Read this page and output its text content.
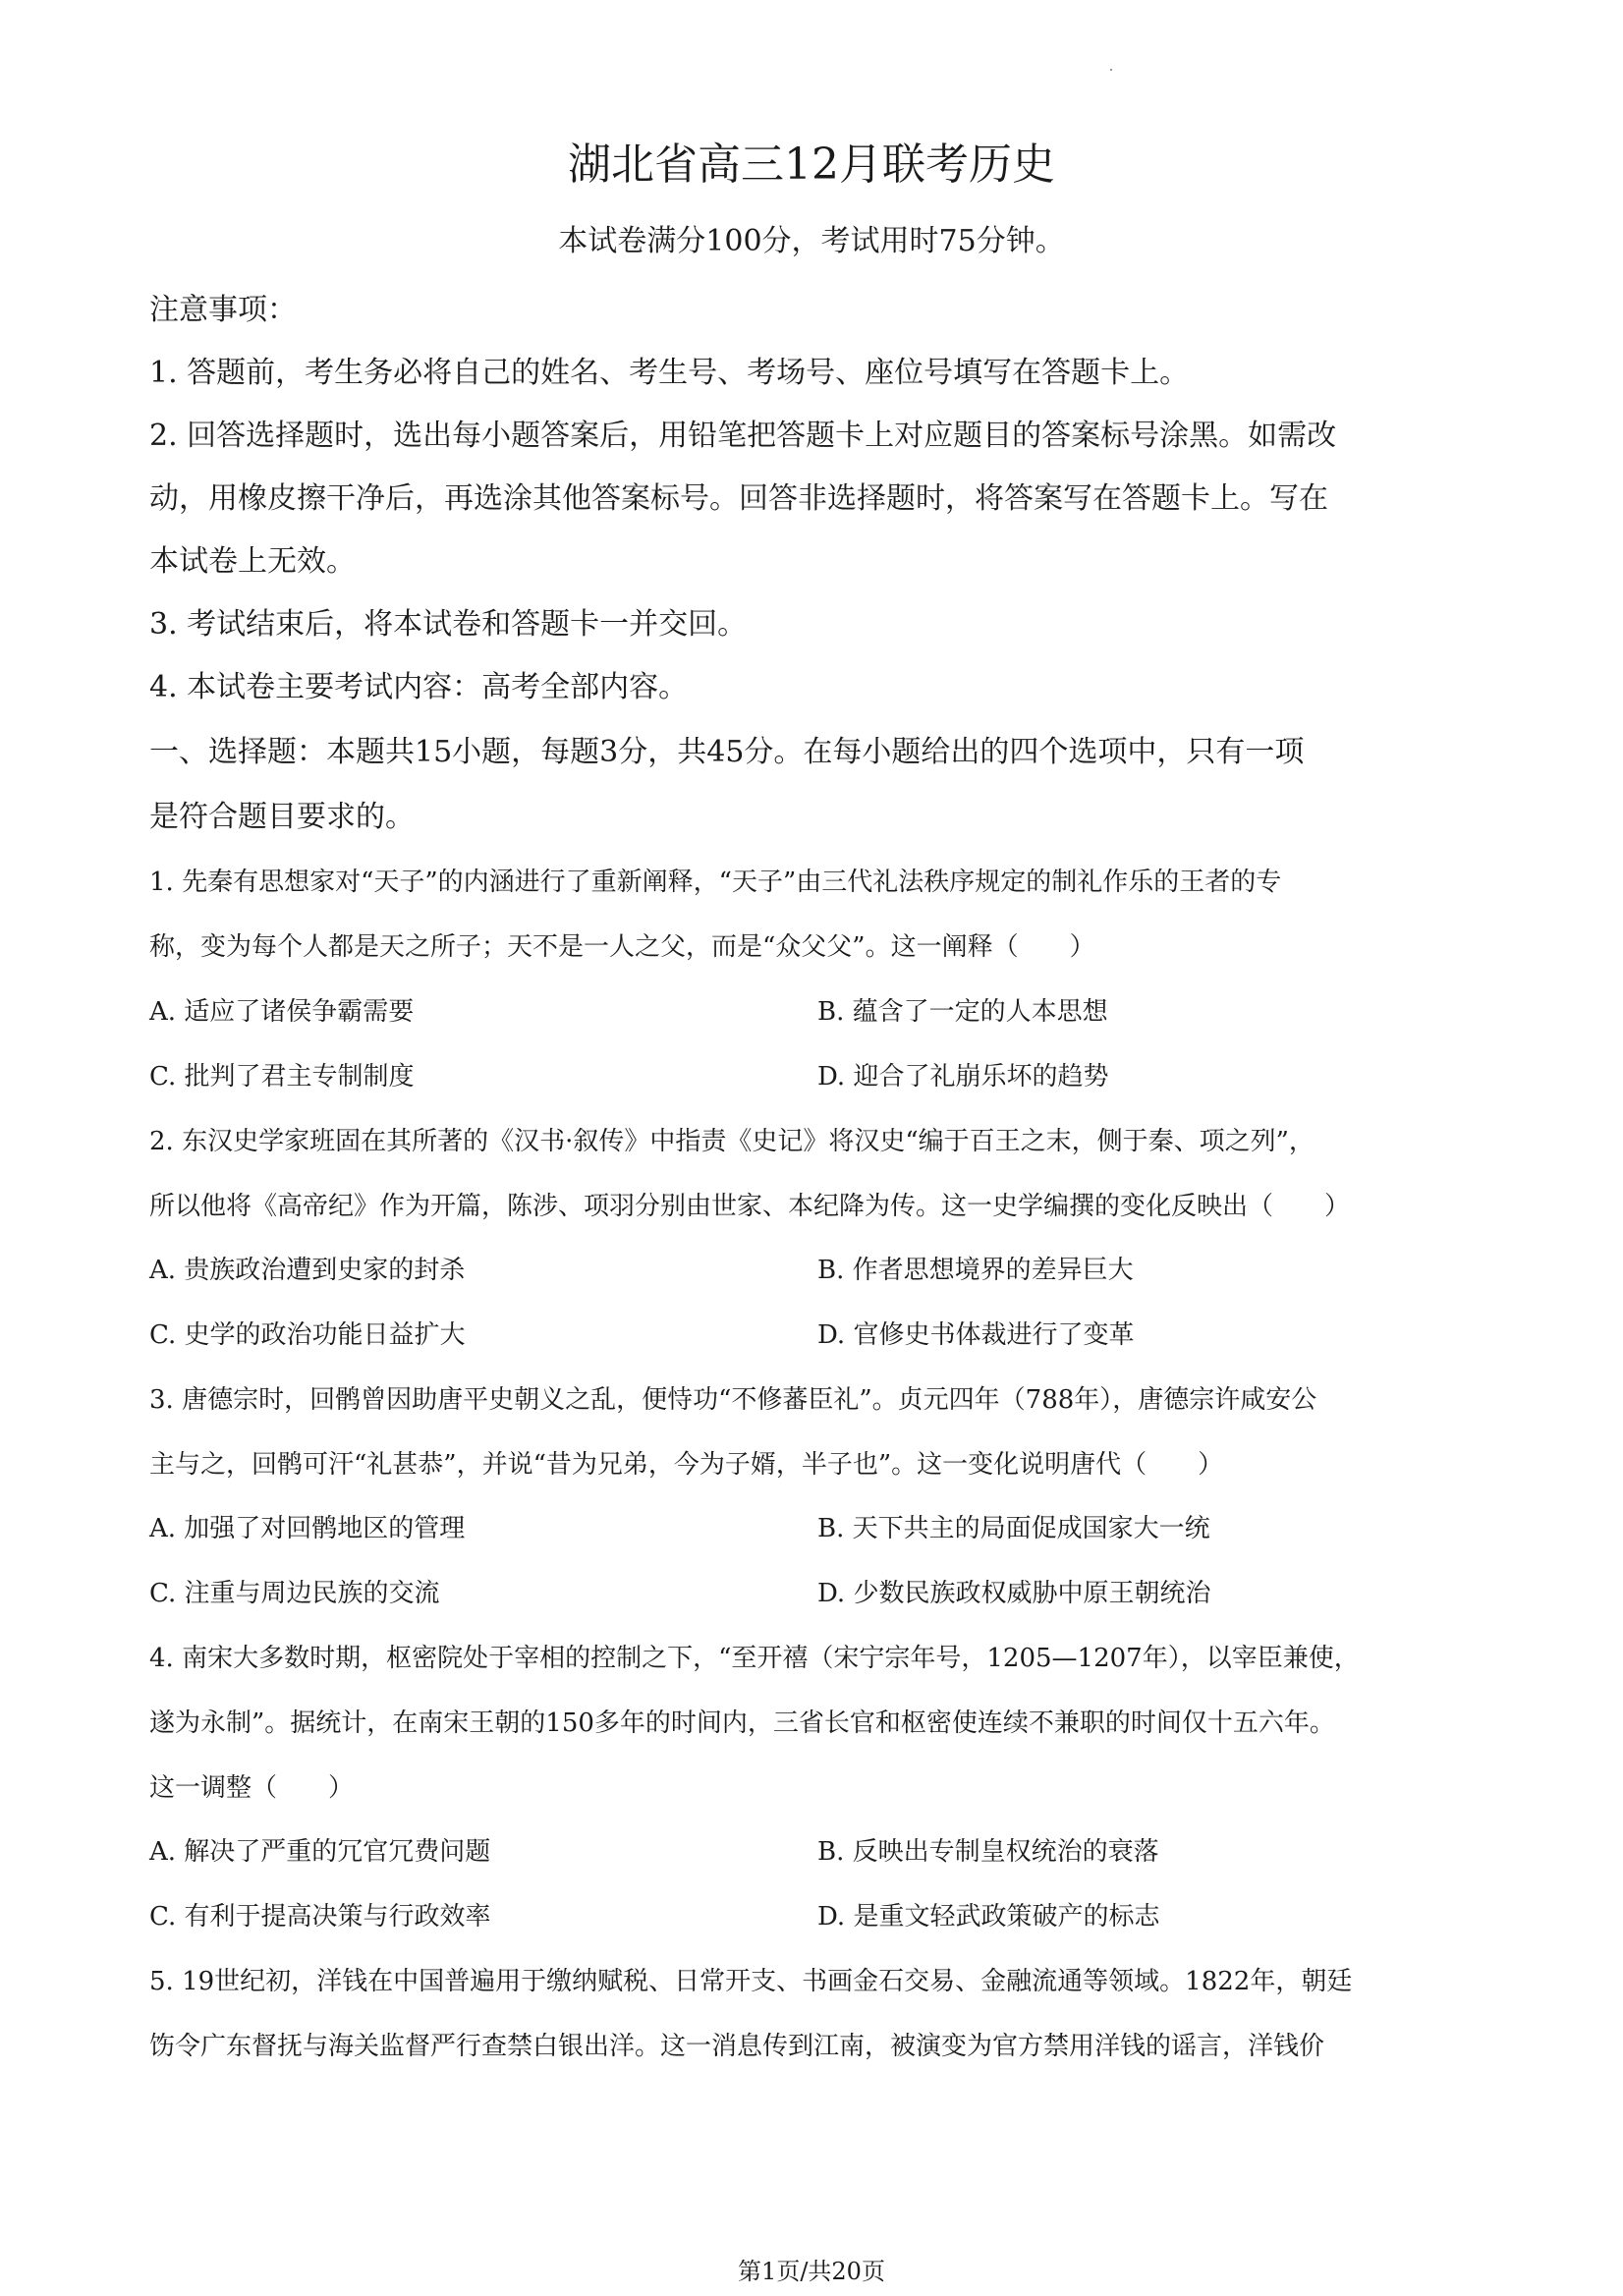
湖北省高三12月联考历史
本试卷满分100分，考试用时75分钟。
注意事项：
1. 答题前，考生务必将自己的姓名、考生号、考场号、座位号填写在答题卡上。
2. 回答选择题时，选出每小题答案后，用铅笔把答题卡上对应题目的答案标号涂黑。如需改
动，用橡皮擦干净后，再选涂其他答案标号。回答非选择题时，将答案写在答题卡上。写在
本试卷上无效。
3. 考试结束后，将本试卷和答题卡一并交回。
4. 本试卷主要考试内容：高考全部内容。
一、选择题：本题共15小题，每题3分，共45分。在每小题给出的四个选项中，只有一项
是符合题目要求的。
1. 先秦有思想家对“天子”的内涵进行了重新阐释，“天子”由三代礼法秩序规定的制礼作乐的王者的专
称，变为每个人都是天之所子；天不是一人之父，而是“众父父”。这一阐释（　　）
A. 适应了诸侯争霸需要	B. 蕴含了一定的人本思想
C. 批判了君主专制制度	D. 迎合了礼崩乐坏的趋势
2. 东汉史学家班固在其所著的《汉书·叙传》中指责《史记》将汉史“编于百王之末，侧于秦、项之列”，
所以他将《高帝纪》作为开篇，陈涉、项羽分别由世家、本纪降为传。这一史学编撰的变化反映出（　　）
A. 贵族政治遭到史家的封杀	B. 作者思想境界的差异巨大
C. 史学的政治功能日益扩大	D. 官修史书体裁进行了变革
3. 唐德宗时，回鹘曾因助唐平史朝义之乱，便恃功“不修蕃臣礼”。贞元四年（788年），唐德宗许咸安公
主与之，回鹘可汗“礼甚恭”，并说“昔为兄弟，今为子婿，半子也”。这一变化说明唐代（　　）
A. 加强了对回鹘地区的管理	B. 天下共主的局面促成国家大一统
C. 注重与周边民族的交流	D. 少数民族政权威胁中原王朝统治
4. 南宋大多数时期，枢密院处于宰相的控制之下，“至开禧（宋宁宗年号，1205—1207年），以宰臣兼使，
遂为永制”。据统计，在南宋王朝的150多年的时间内，三省长官和枢密使连续不兼职的时间仅十五六年。
这一调整（　　）
A. 解决了严重的冗官冗费问题	B. 反映出专制皇权统治的衰落
C. 有利于提高决策与行政效率	D. 是重文轻武政策破产的标志
5. 19世纪初，洋钱在中国普遍用于缴纳赋税、日常开支、书画金石交易、金融流通等领域。1822年，朝廷
饬令广东督抚与海关监督严行查禁白银出洋。这一消息传到江南，被演变为官方禁用洋钱的谣言，洋钱价
第1页/共20页
